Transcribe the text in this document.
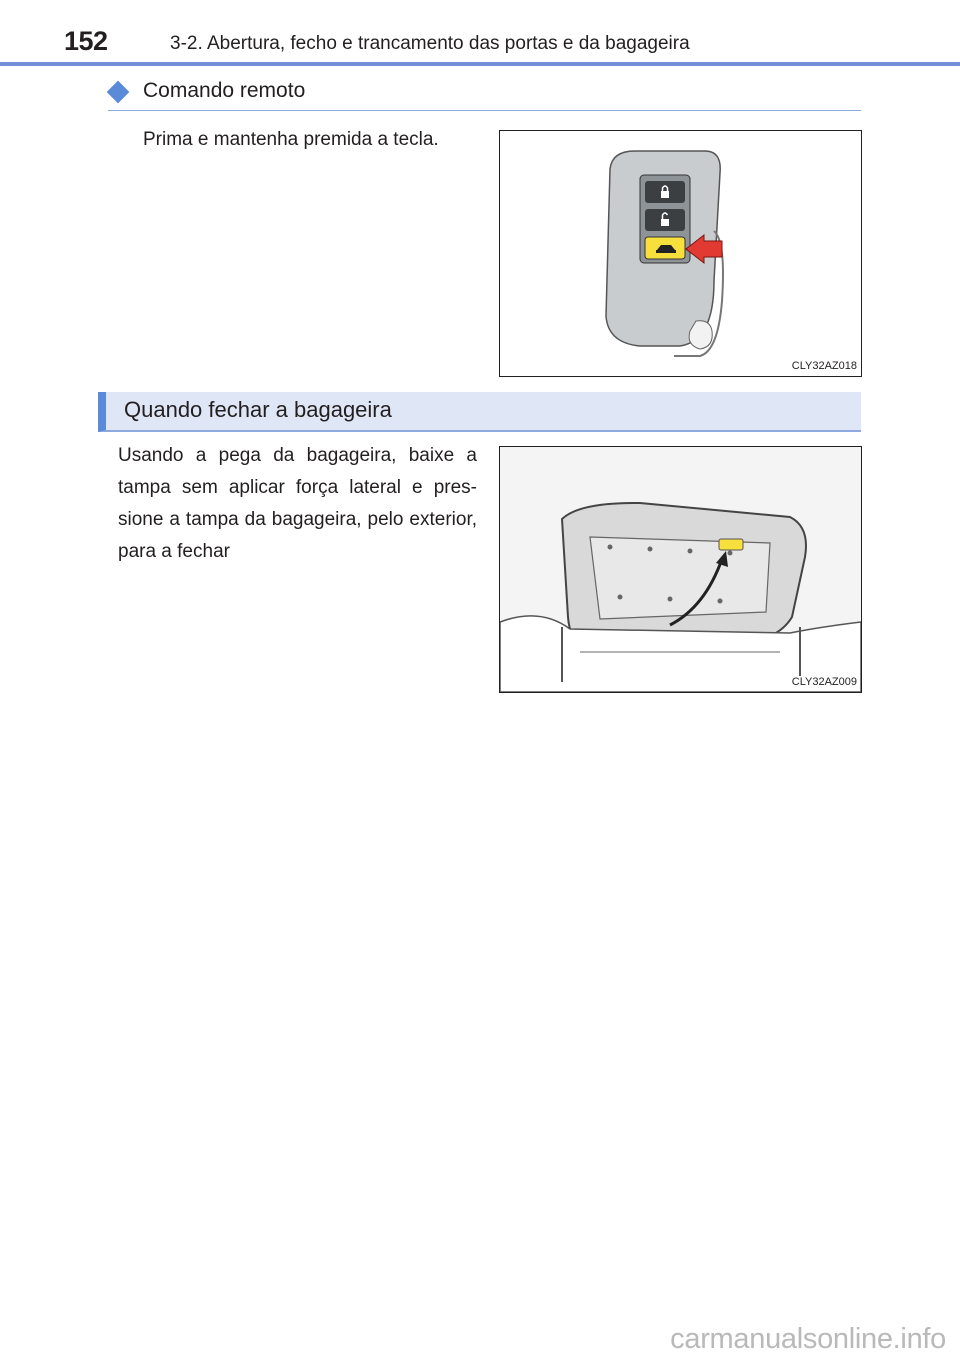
152	3-2. Abertura, fecho e trancamento das portas e da bagageira
Comando remoto

Prima e mantenha premida a tecla.

CLY32AZ018
Quando fechar a bagageira

Usando a pega da bagageira, baixe a tampa sem aplicar força lateral e pressione a tampa da bagageira, pelo exterior, para a fechar

CLY32AZ009
carmanualsonline.info
